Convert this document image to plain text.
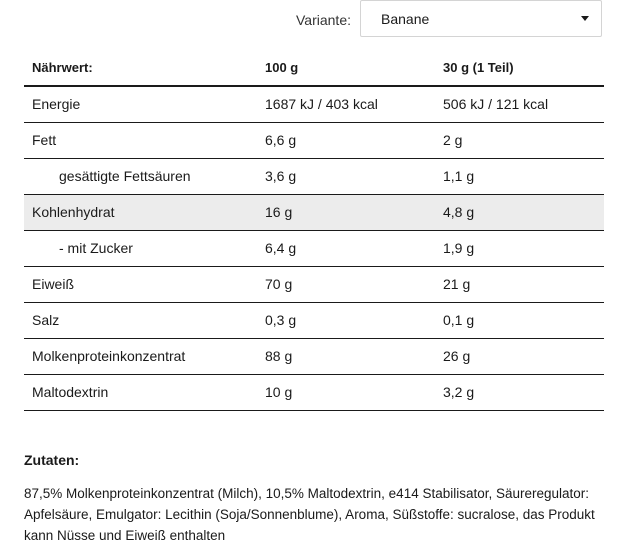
Variante: Banane
Nährwert:	100 g	30 g (1 Teil)
Energie	1687 kJ / 403 kcal	506 kJ / 121 kcal
Fett	6,6 g	2 g
gesättigte Fettsäuren	3,6 g	1,1 g
Kohlenhydrat	16 g	4,8 g
- mit Zucker	6,4 g	1,9 g
Eiweiß	70 g	21 g
Salz	0,3 g	0,1 g
Molkenproteinkonzentrat	88 g	26 g
Maltodextrin	10 g	3,2 g
Zutaten:

87,5% Molkenproteinkonzentrat (Milch), 10,5% Maltodextrin, e414 Stabilisator, Säureregulator: Apfelsäure, Emulgator: Lecithin (Soja/Sonnenblume), Aroma, Süßstoffe: sucralose, das Produkt kann Nüsse und Eiweiß enthalten
